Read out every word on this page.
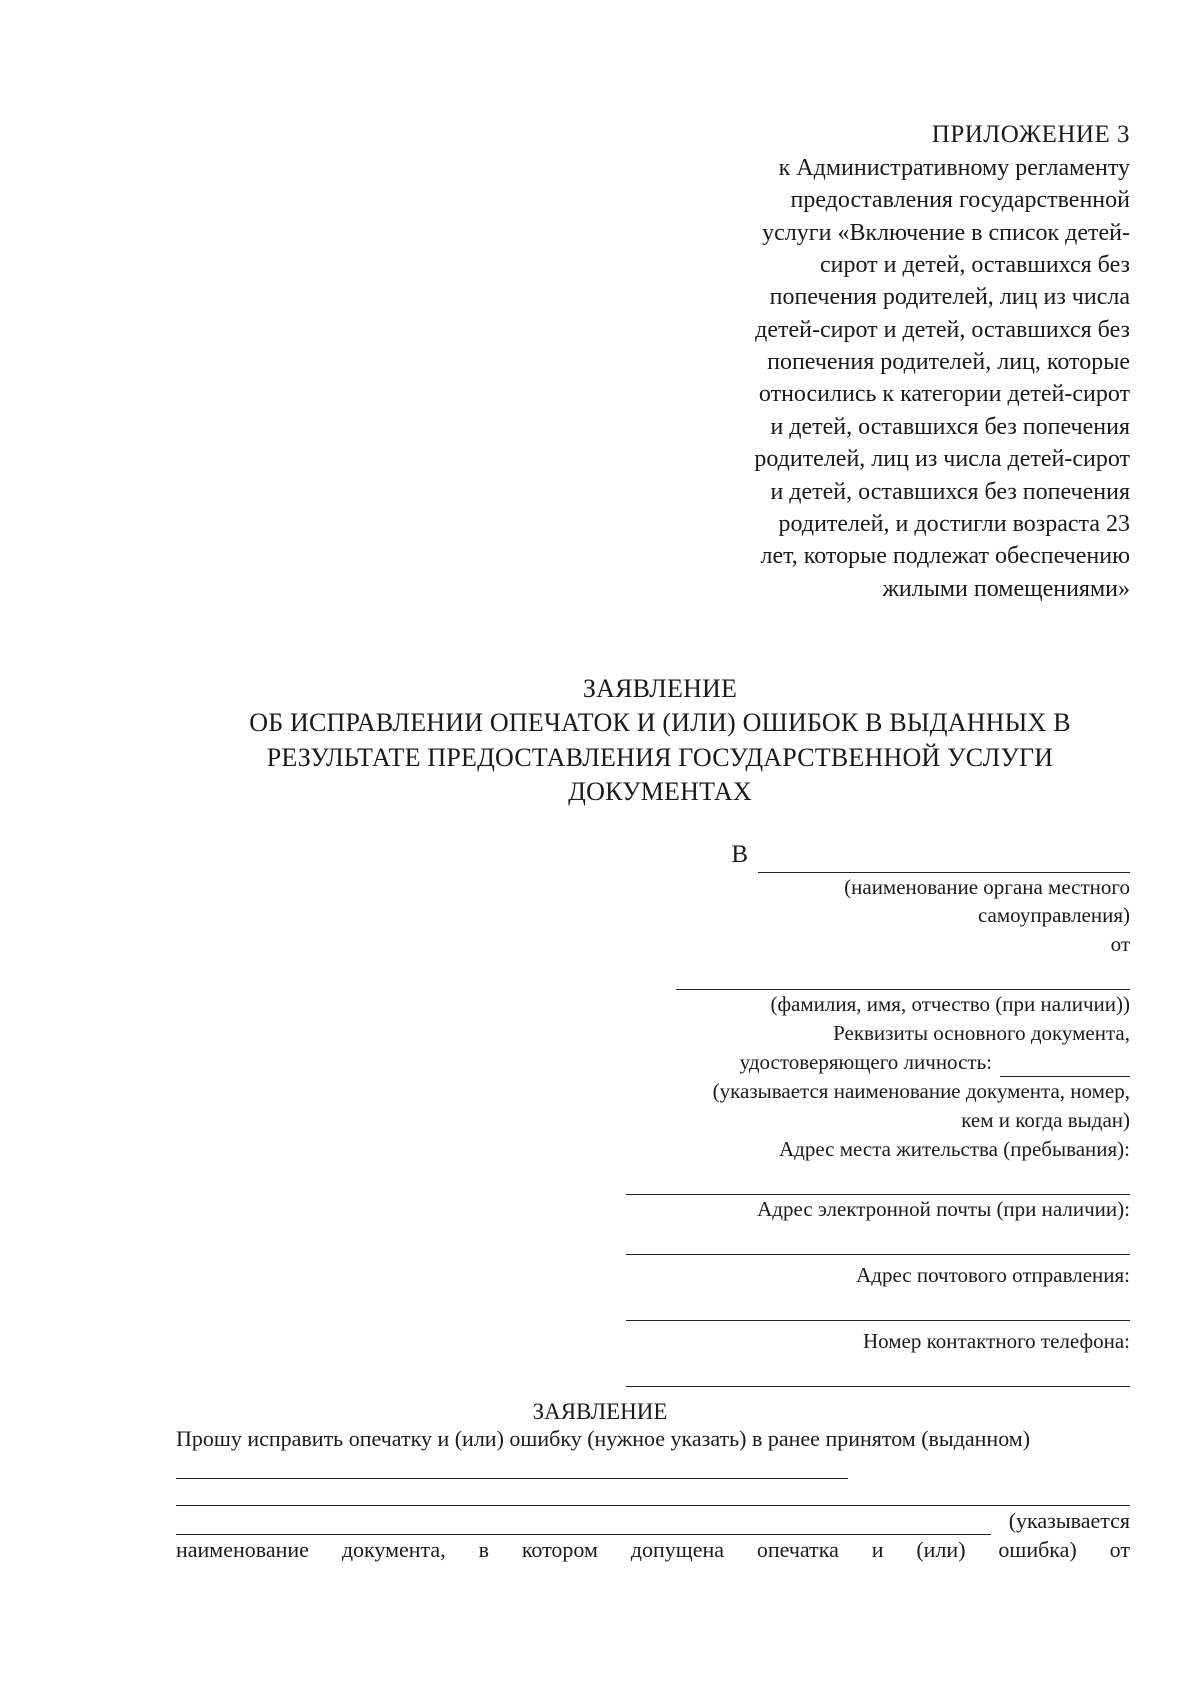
ПРИЛОЖЕНИЕ 3
к Административному регламенту
предоставления государственной
услуги «Включение в список детей-
сирот и детей, оставшихся без
попечения родителей, лиц из числа
детей-сирот и детей, оставшихся без
попечения родителей, лиц, которые
относились к категории детей-сирот
и детей, оставшихся без попечения
родителей, лиц из числа детей-сирот
и детей, оставшихся без попечения
родителей, и достигли возраста 23
лет, которые подлежат обеспечению
жилыми помещениями»
ЗАЯВЛЕНИЕ
ОБ ИСПРАВЛЕНИИ ОПЕЧАТОК И (ИЛИ) ОШИБОК В ВЫДАННЫХ В
РЕЗУЛЬТАТЕ ПРЕДОСТАВЛЕНИЯ ГОСУДАРСТВЕННОЙ УСЛУГИ
ДОКУМЕНТАХ
В
(наименование органа местного
самоуправления)
от
(фамилия, имя, отчество (при наличии))
Реквизиты основного документа,
удостоверяющего личность:
(указывается наименование документа, номер,
кем и когда выдан)
Адрес места жительства (пребывания):
Адрес электронной почты (при наличии):
Адрес почтового отправления:
Номер контактного телефона:
ЗАЯВЛЕНИЕ
Прошу исправить опечатку и (или) ошибку (нужное указать) в ранее принятом (выданном)
(указывается
наименование документа, в котором допущена опечатка и (или) ошибка) от
